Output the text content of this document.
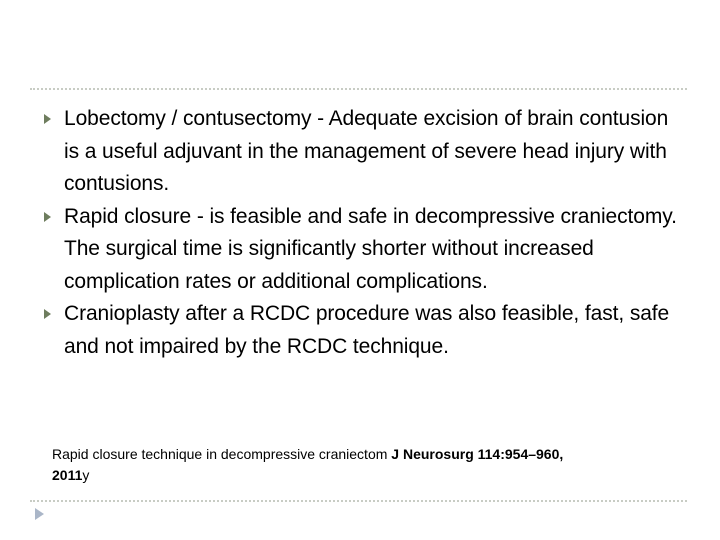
Lobectomy / contusectomy - Adequate excision of brain contusion is a useful adjuvant in the management of severe head injury with contusions.
Rapid closure - is feasible and safe in decompressive craniectomy. The surgical time is significantly shorter without increased complication rates or additional complications.
Cranioplasty after a RCDC procedure was also feasible, fast, safe and not impaired by the RCDC technique.
Rapid closure technique in decompressive craniectom J Neurosurg 114:954–960, 2011y
